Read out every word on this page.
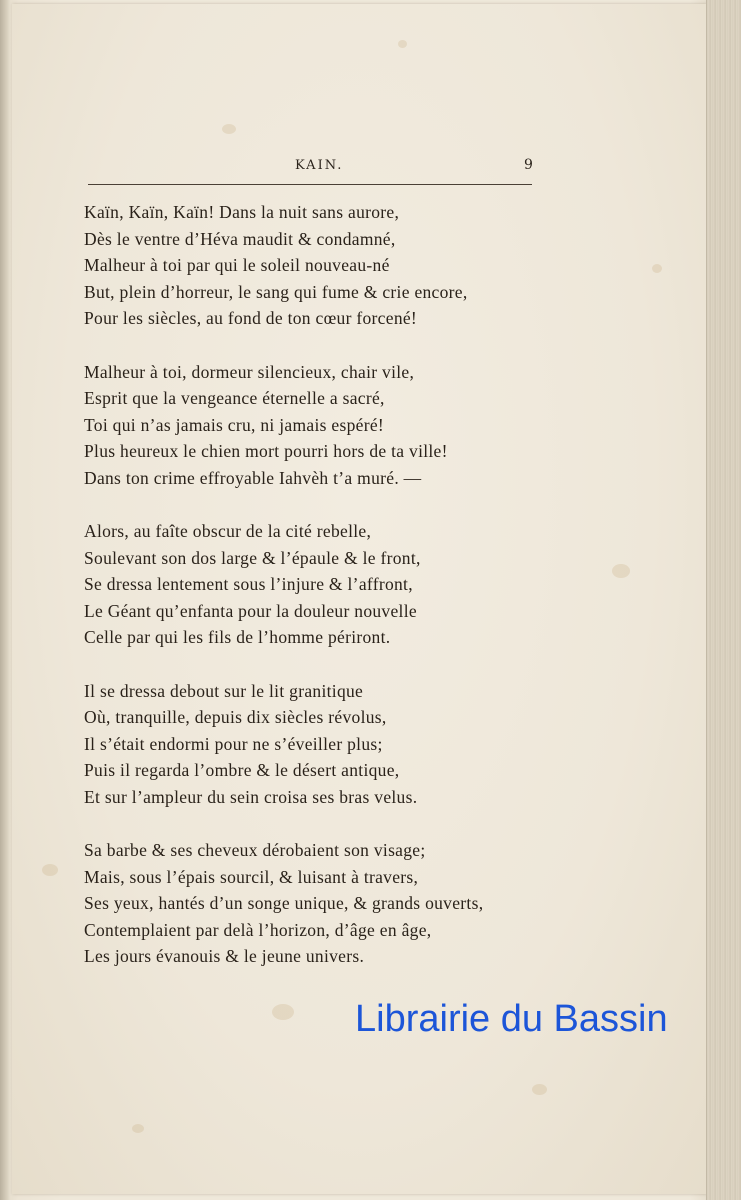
KAIN.	9
Kaïn, Kaïn, Kaïn! Dans la nuit sans aurore,
Dès le ventre d’Héva maudit & condamné,
Malheur à toi par qui le soleil nouveau-né
But, plein d’horreur, le sang qui fume & crie encore,
Pour les siècles, au fond de ton cœur forcené!
Malheur à toi, dormeur silencieux, chair vile,
Esprit que la vengeance éternelle a sacré,
Toi qui n’as jamais cru, ni jamais espéré!
Plus heureux le chien mort pourri hors de ta ville!
Dans ton crime effroyable Iahvèh t’a muré. —
Alors, au faîte obscur de la cité rebelle,
Soulevant son dos large & l’épaule & le front,
Se dressa lentement sous l’injure & l’affront,
Le Géant qu’enfanta pour la douleur nouvelle
Celle par qui les fils de l’homme périront.
Il se dressa debout sur le lit granitique
Où, tranquille, depuis dix siècles révolus,
Il s’était endormi pour ne s’éveiller plus;
Puis il regarda l’ombre & le désert antique,
Et sur l’ampleur du sein croisa ses bras velus.
Sa barbe & ses cheveux dérobaient son visage;
Mais, sous l’épais sourcil, & luisant à travers,
Ses yeux, hantés d’un songe unique, & grands ouverts,
Contemplaient par delà l’horizon, d’âge en âge,
Les jours évanouis & le jeune univers.
Librairie du Bassin
